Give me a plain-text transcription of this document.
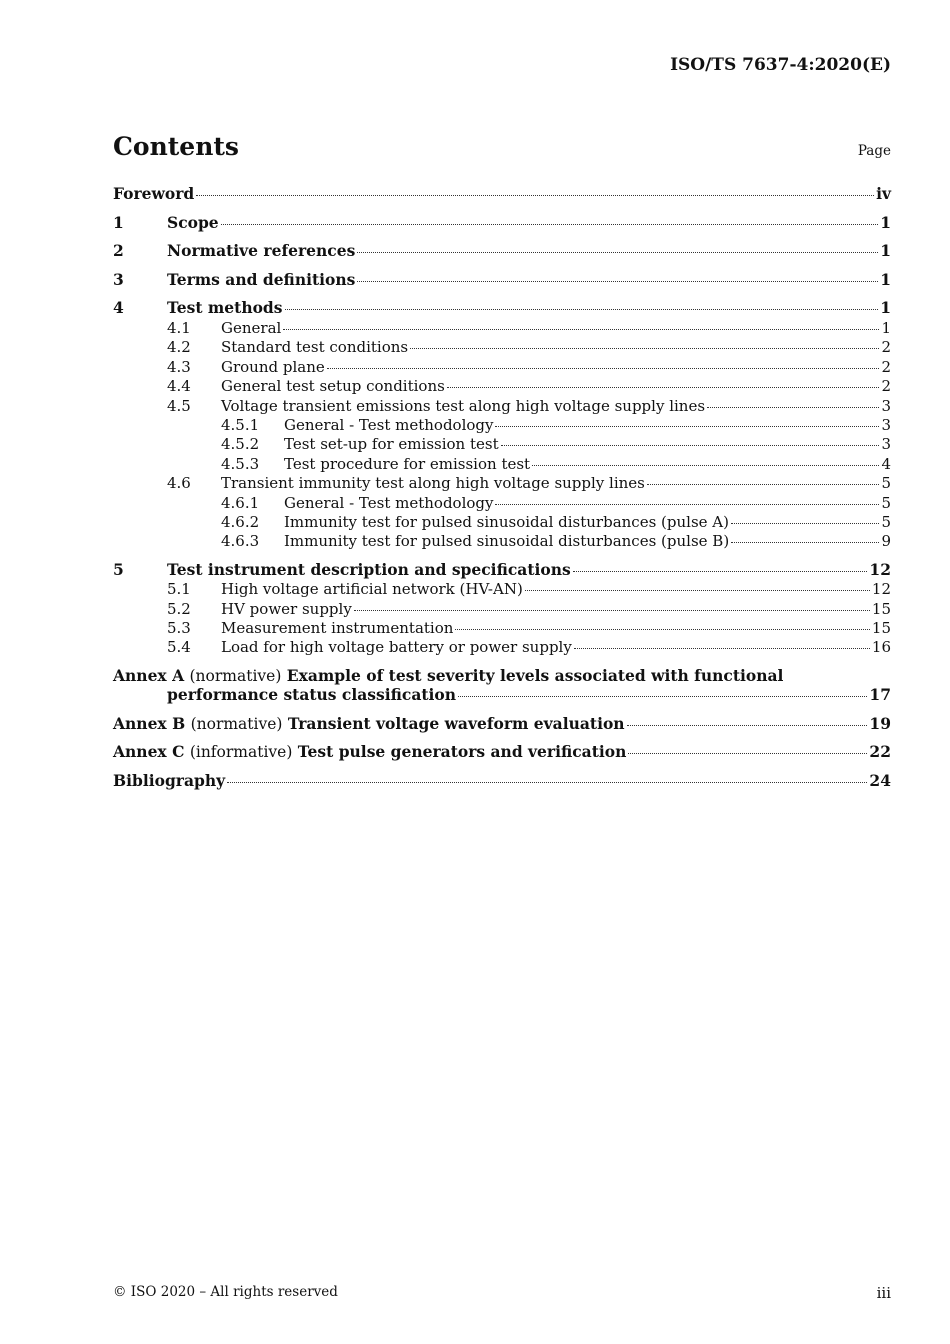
ISO/TS 7637-4:2020(E)
Contents	Page
Foreword	iv
1	Scope	1
2	Normative references	1
3	Terms and definitions	1
4	Test methods	1
4.1	General	1
4.2	Standard test conditions	2
4.3	Ground plane	2
4.4	General test setup conditions	2
4.5	Voltage transient emissions test along high voltage supply lines	3
4.5.1	General - Test methodology	3
4.5.2	Test set-up for emission test	3
4.5.3	Test procedure for emission test	4
4.6	Transient immunity test along high voltage supply lines	5
4.6.1	General - Test methodology	5
4.6.2	Immunity test for pulsed sinusoidal disturbances (pulse A)	5
4.6.3	Immunity test for pulsed sinusoidal disturbances (pulse B)	9
5	Test instrument description and specifications	12
5.1	High voltage artificial network (HV-AN)	12
5.2	HV power supply	15
5.3	Measurement instrumentation	15
5.4	Load for high voltage battery or power supply	16
Annex A (normative) Example of test severity levels associated with functional
performance status classification	17
Annex B (normative) Transient voltage waveform evaluation	19
Annex C (informative) Test pulse generators and verification	22
Bibliography	24
© ISO 2020 – All rights reserved	iii
